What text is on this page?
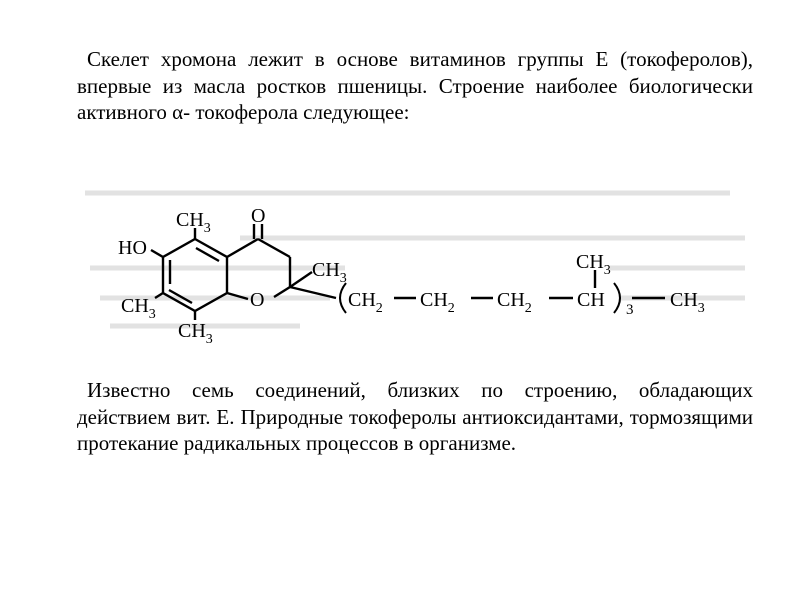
Скелет хромона лежит в основе витаминов группы Е (токоферолов), впервые из масла ростков пшеницы. Строение наиболее биологически активного α- токоферола следующее:
$CH_3$
O
HO
$CH_3$
$CH_3$
O
$CH_3$
$CH_2$ $CH_2$ $CH_2$
$CH_3$
CH 3 $CH_3$
Известно семь соединений, близких по строению, обладающих действием вит. Е. Природные токоферолы антиоксидантами, тормозящими протекание радикальных процессов в организме.
